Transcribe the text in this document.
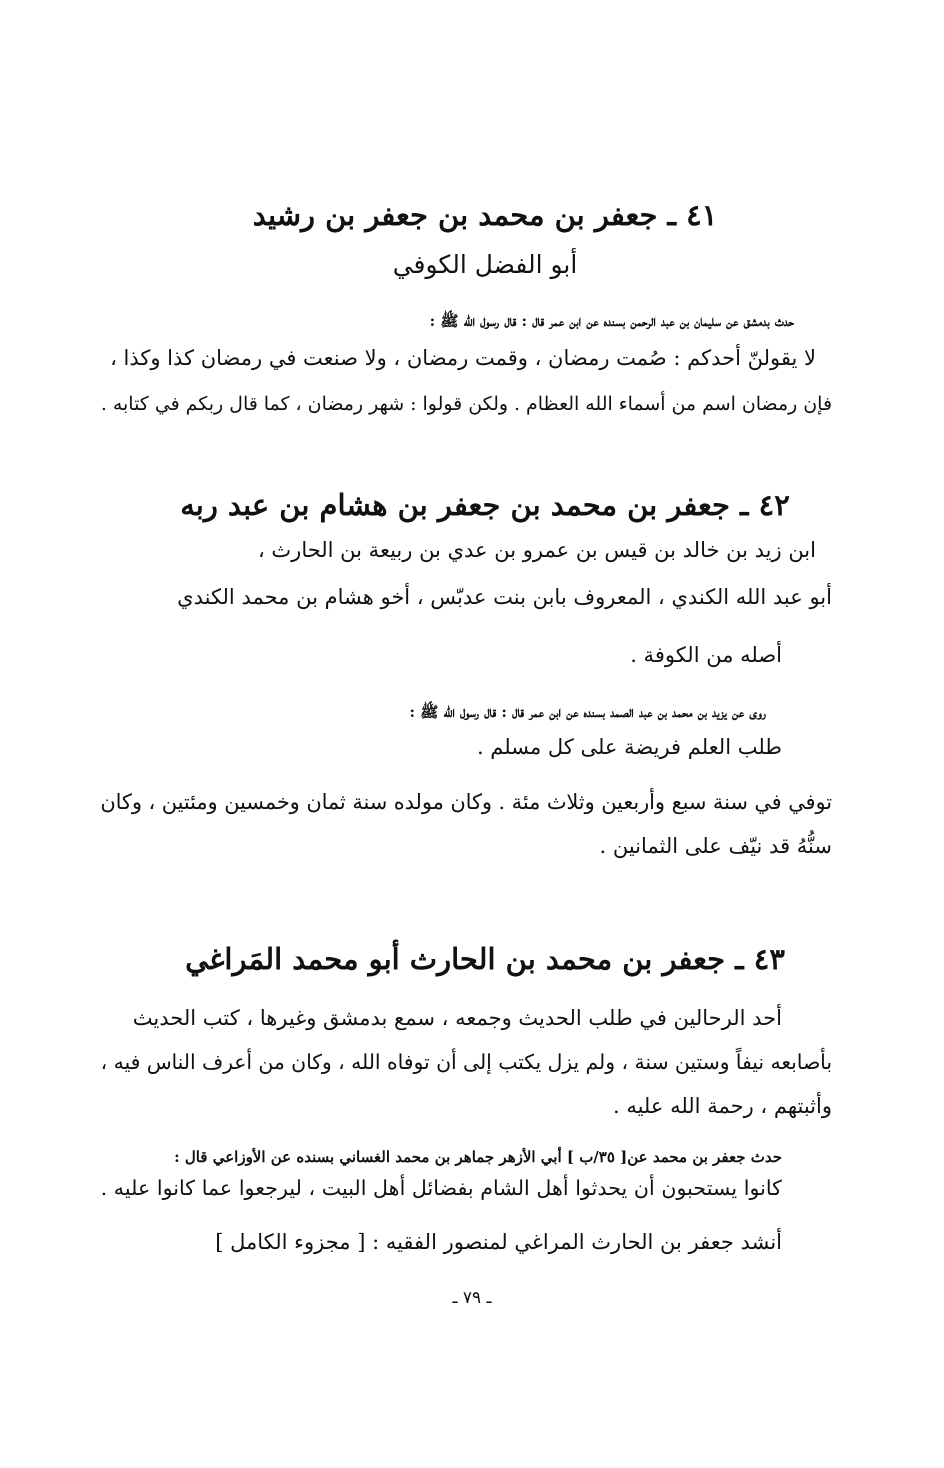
٤١ ـ جعفر بن محمد بن جعفر بن رشيد

أبو الفضل الكوفي

حدث بدمشق عن سليمان بن عبد الرحمن بسنده عن ابن عمر قال : قال رسول الله ﷺ :

لا يقولنّ أحدكم : صُمت رمضان ، وقمت رمضان ، ولا صنعت في رمضان كذا وكذا ،

فإن رمضان اسم من أسماء الله العظام . ولكن قولوا : شهر رمضان ، كما قال ربكم في كتابه .

٤٢ ـ جعفر بن محمد بن جعفر بن هشام بن عبد ربه

ابن زيد بن خالد بن قيس بن عمرو بن عدي بن ربيعة بن الحارث ،

أبو عبد الله الكندي ، المعروف بابن بنت عدبّس ، أخو هشام بن محمد الكندي

أصله من الكوفة .

روى عن يزيد بن محمد بن عبد الصمد بسنده عن ابن عمر قال : قال رسول الله ﷺ :

طلب العلم فريضة على كل مسلم .

توفي في سنة سبع وأربعين وثلاث مئة . وكان مولده سنة ثمان وخمسين ومئتين ، وكان

سنُّهُ قد نيّف على الثمانين .

٤٣ ـ جعفر بن محمد بن الحارث أبو محمد المَراغي

أحد الرحالين في طلب الحديث وجمعه ، سمع بدمشق وغيرها ، كتب الحديث

بأصابعه نيفاً وستين سنة ، ولم يزل يكتب إلى أن توفاه الله ، وكان من أعرف الناس فيه ،

وأثبتهم ، رحمة الله عليه .

حدث جعفر بن محمد عن[ ٣٥/ب ] أبي الأزهر جماهر بن محمد الغساني بسنده عن الأوزاعي قال :

كانوا يستحبون أن يحدثوا أهل الشام بفضائل أهل البيت ، ليرجعوا عما كانوا عليه .

أنشد جعفر بن الحارث المراغي لمنصور الفقيه : [ مجزوء الكامل ]

ـ ٧٩ ـ
